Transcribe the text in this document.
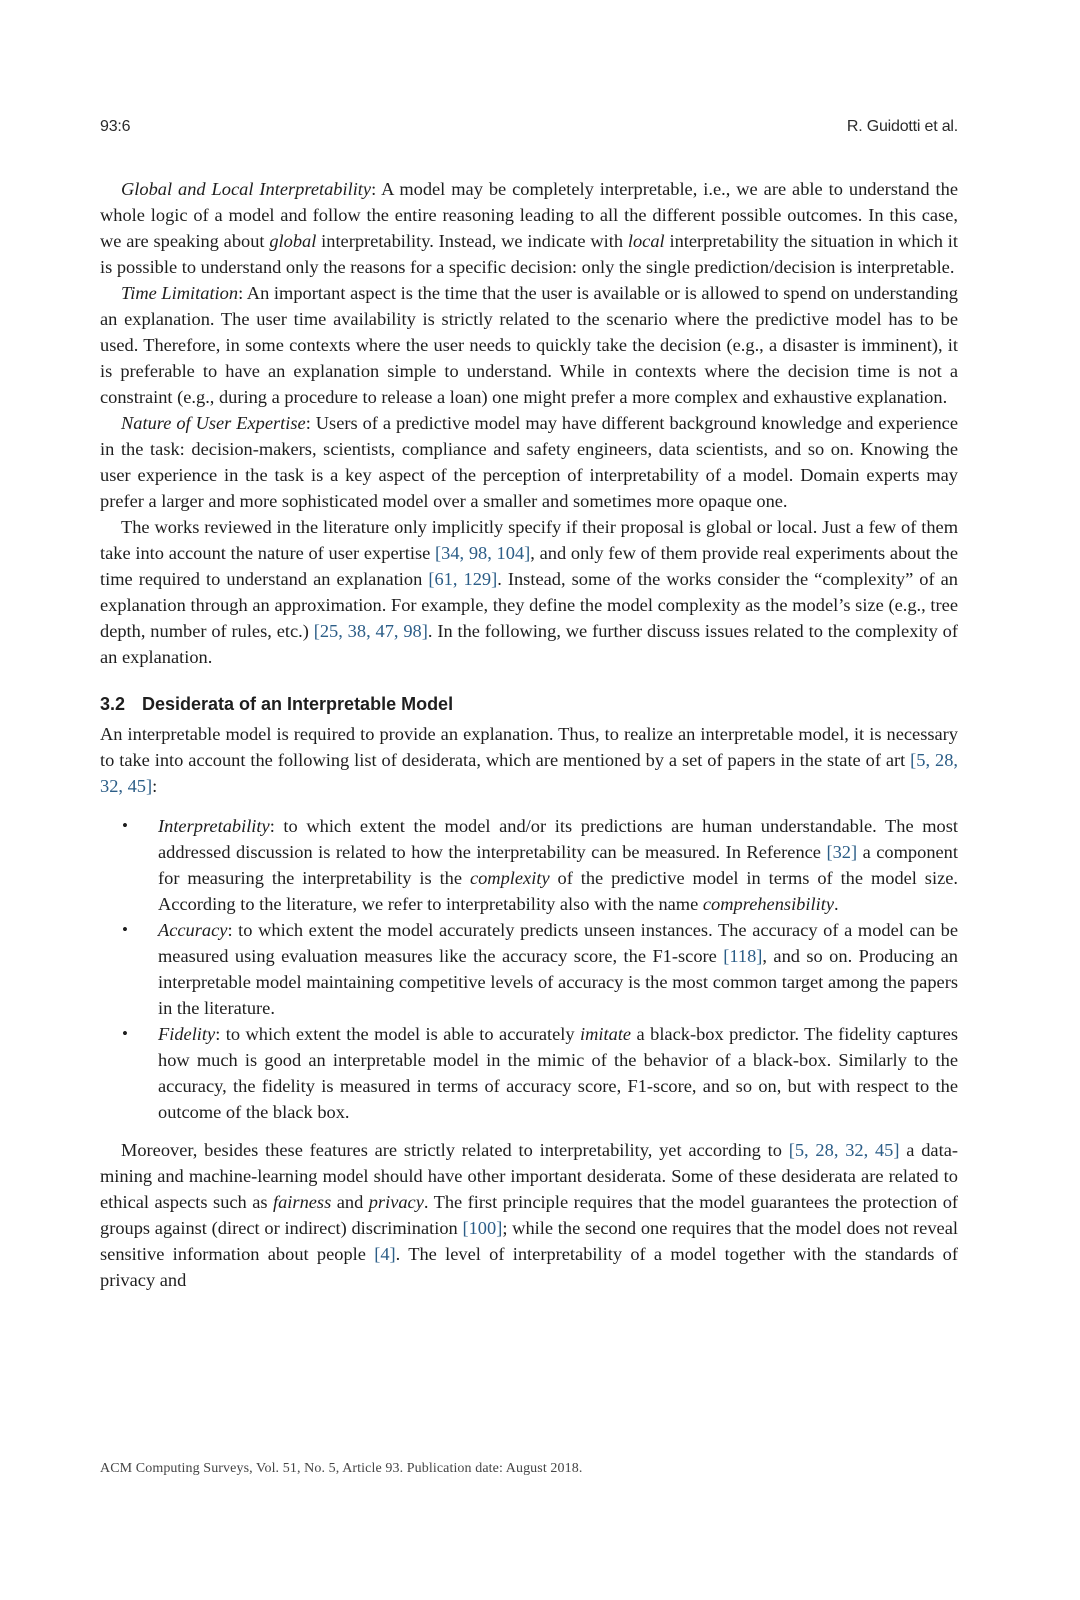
93:6	R. Guidotti et al.

Global and Local Interpretability: A model may be completely interpretable, i.e., we are able to understand the whole logic of a model and follow the entire reasoning leading to all the different possible outcomes. In this case, we are speaking about global interpretability. Instead, we indicate with local interpretability the situation in which it is possible to understand only the reasons for a specific decision: only the single prediction/decision is interpretable.

Time Limitation: An important aspect is the time that the user is available or is allowed to spend on understanding an explanation. The user time availability is strictly related to the scenario where the predictive model has to be used. Therefore, in some contexts where the user needs to quickly take the decision (e.g., a disaster is imminent), it is preferable to have an explanation simple to understand. While in contexts where the decision time is not a constraint (e.g., during a procedure to release a loan) one might prefer a more complex and exhaustive explanation.

Nature of User Expertise: Users of a predictive model may have different background knowledge and experience in the task: decision-makers, scientists, compliance and safety engineers, data scientists, and so on. Knowing the user experience in the task is a key aspect of the perception of interpretability of a model. Domain experts may prefer a larger and more sophisticated model over a smaller and sometimes more opaque one.

The works reviewed in the literature only implicitly specify if their proposal is global or local. Just a few of them take into account the nature of user expertise [34, 98, 104], and only few of them provide real experiments about the time required to understand an explanation [61, 129]. Instead, some of the works consider the “complexity” of an explanation through an approximation. For example, they define the model complexity as the model’s size (e.g., tree depth, number of rules, etc.) [25, 38, 47, 98]. In the following, we further discuss issues related to the complexity of an explanation.

3.2 Desiderata of an Interpretable Model

An interpretable model is required to provide an explanation. Thus, to realize an interpretable model, it is necessary to take into account the following list of desiderata, which are mentioned by a set of papers in the state of art [5, 28, 32, 45]:

• Interpretability: to which extent the model and/or its predictions are human understandable. The most addressed discussion is related to how the interpretability can be measured. In Reference [32] a component for measuring the interpretability is the complexity of the predictive model in terms of the model size. According to the literature, we refer to interpretability also with the name comprehensibility.
• Accuracy: to which extent the model accurately predicts unseen instances. The accuracy of a model can be measured using evaluation measures like the accuracy score, the F1-score [118], and so on. Producing an interpretable model maintaining competitive levels of accuracy is the most common target among the papers in the literature.
• Fidelity: to which extent the model is able to accurately imitate a black-box predictor. The fidelity captures how much is good an interpretable model in the mimic of the behavior of a black-box. Similarly to the accuracy, the fidelity is measured in terms of accuracy score, F1-score, and so on, but with respect to the outcome of the black box.

Moreover, besides these features are strictly related to interpretability, yet according to [5, 28, 32, 45] a data-mining and machine-learning model should have other important desiderata. Some of these desiderata are related to ethical aspects such as fairness and privacy. The first principle requires that the model guarantees the protection of groups against (direct or indirect) discrimination [100]; while the second one requires that the model does not reveal sensitive information about people [4]. The level of interpretability of a model together with the standards of privacy and

ACM Computing Surveys, Vol. 51, No. 5, Article 93. Publication date: August 2018.
